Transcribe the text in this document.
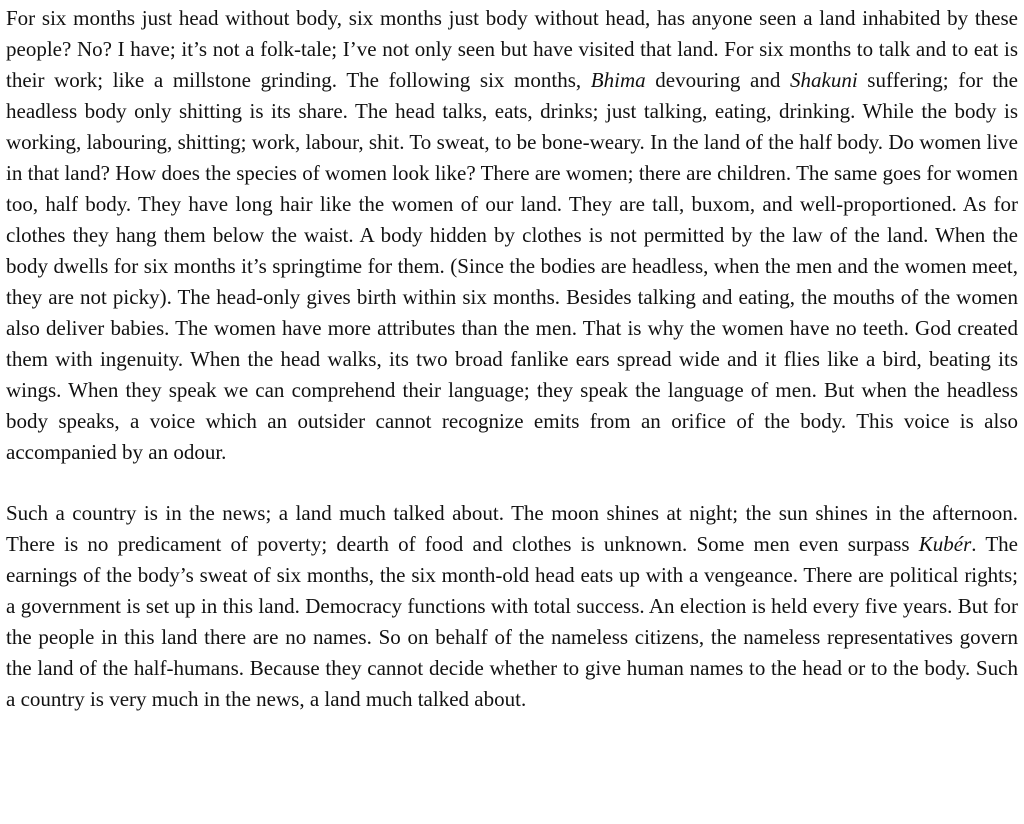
For six months just head without body, six months just body without head, has anyone seen a land inhabited by these people? No? I have; it’s not a folk-tale; I’ve not only seen but have visited that land. For six months to talk and to eat is their work; like a millstone grinding. The following six months, Bhima devouring and Shakuni suffering; for the headless body only shitting is its share. The head talks, eats, drinks; just talking, eating, drinking. While the body is working, labouring, shitting; work, labour, shit. To sweat, to be bone-weary. In the land of the half body. Do women live in that land? How does the species of women look like? There are women; there are children. The same goes for women too, half body. They have long hair like the women of our land. They are tall, buxom, and well-proportioned. As for clothes they hang them below the waist. A body hidden by clothes is not permitted by the law of the land. When the body dwells for six months it’s springtime for them. (Since the bodies are headless, when the men and the women meet, they are not picky). The head-only gives birth within six months. Besides talking and eating, the mouths of the women also deliver babies. The women have more attributes than the men. That is why the women have no teeth. God created them with ingenuity. When the head walks, its two broad fanlike ears spread wide and it flies like a bird, beating its wings. When they speak we can comprehend their language; they speak the language of men. But when the headless body speaks, a voice which an outsider cannot recognize emits from an orifice of the body. This voice is also accompanied by an odour.

Such a country is in the news; a land much talked about. The moon shines at night; the sun shines in the afternoon. There is no predicament of poverty; dearth of food and clothes is unknown. Some men even surpass Kubér. The earnings of the body’s sweat of six months, the six month-old head eats up with a vengeance. There are political rights; a government is set up in this land. Democracy functions with total success. An election is held every five years. But for the people in this land there are no names. So on behalf of the nameless citizens, the nameless representatives govern the land of the half-humans. Because they cannot decide whether to give human names to the head or to the body. Such a country is very much in the news, a land much talked about.
